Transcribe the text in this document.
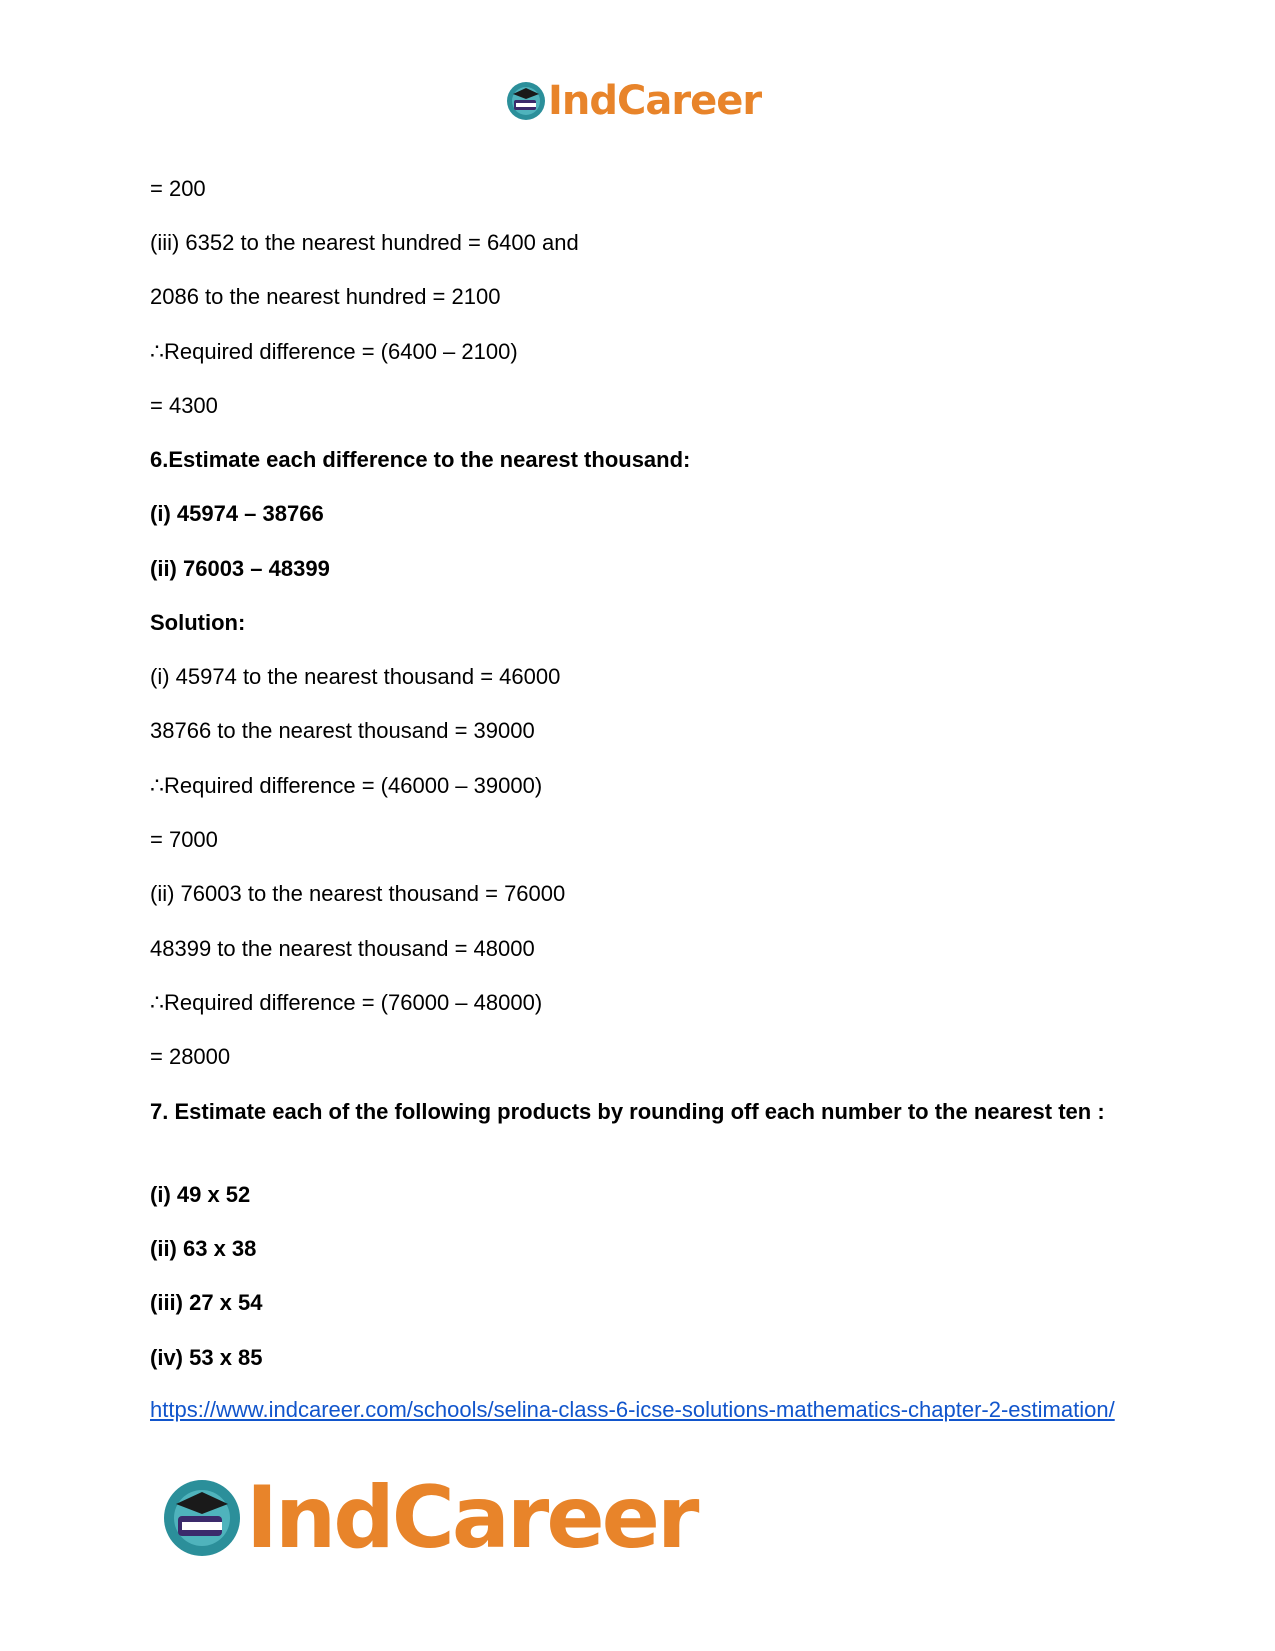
IndCareer
= 200
(iii) 6352 to the nearest hundred = 6400 and
2086 to the nearest hundred = 2100
∴Required difference = (6400 – 2100)
= 4300
6.Estimate each difference to the nearest thousand:
(i) 45974 – 38766
(ii) 76003 – 48399
Solution:
(i) 45974 to the nearest thousand = 46000
38766 to the nearest thousand = 39000
∴Required difference = (46000 – 39000)
= 7000
(ii) 76003 to the nearest thousand = 76000
48399 to the nearest thousand = 48000
∴Required difference = (76000 – 48000)
= 28000
7. Estimate each of the following products by rounding off each number to the nearest ten :
(i) 49 x 52
(ii) 63 x 38
(iii) 27 x 54
(iv) 53 x 85
https://www.indcareer.com/schools/selina-class-6-icse-solutions-mathematics-chapter-2-estimation/
IndCareer
